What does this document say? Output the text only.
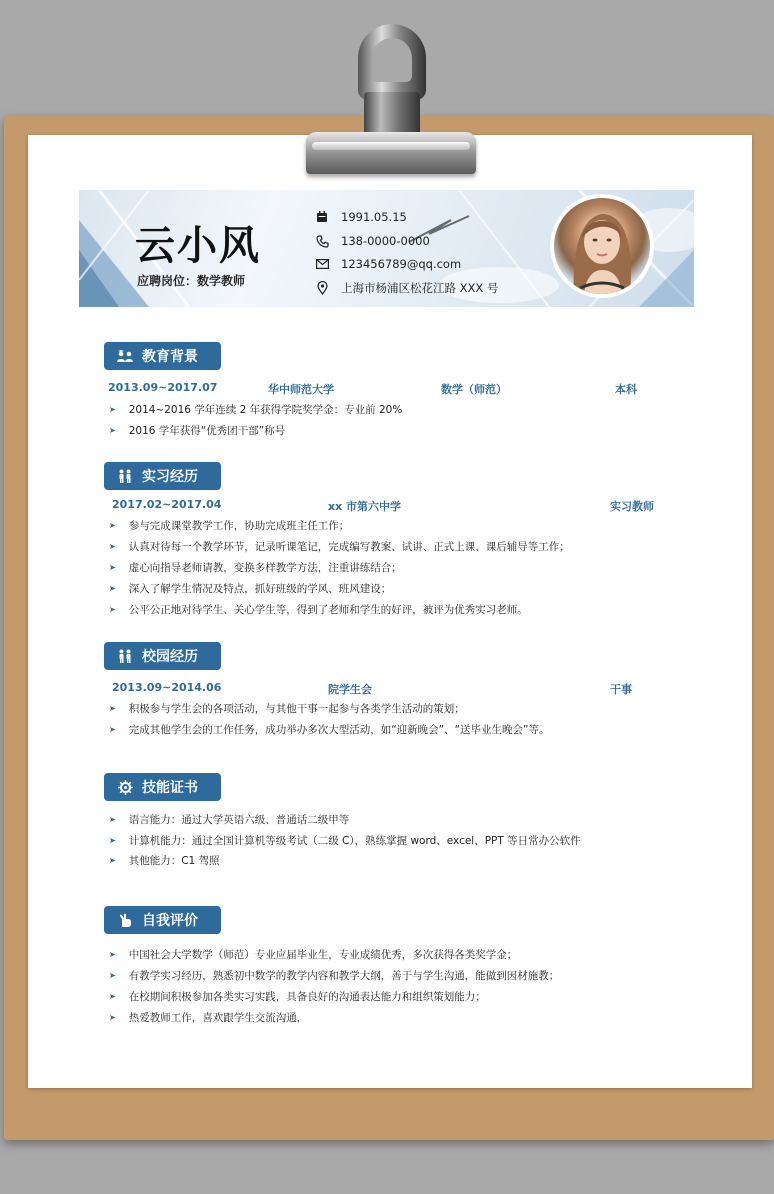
云小风
应聘岗位：数学教师
1991.05.15
138-0000-0000
123456789@qq.com
上海市杨浦区松花江路 XXX 号
教育背景
2013.09~2017.07	华中师范大学	数学（师范）	本科
➤ 2014~2016 学年连续 2 年获得学院奖学金：专业前 20%
➤ 2016 学年获得“优秀团干部”称号
实习经历
2017.02~2017.04	xx 市第六中学	实习教师
➤ 参与完成课堂教学工作，协助完成班主任工作；
➤ 认真对待每一个教学环节，记录听课笔记，完成编写教案、试讲、正式上课、课后辅导等工作；
➤ 虚心向指导老师请教，变换多样教学方法，注重讲练结合；
➤ 深入了解学生情况及特点，抓好班级的学风、班风建设；
➤ 公平公正地对待学生、关心学生等，得到了老师和学生的好评，被评为优秀实习老师。
校园经历
2013.09~2014.06	院学生会	干事
➤ 积极参与学生会的各项活动，与其他干事一起参与各类学生活动的策划；
➤ 完成其他学生会的工作任务，成功举办多次大型活动，如“迎新晚会”、“送毕业生晚会”等。
技能证书
➤ 语言能力：通过大学英语六级、普通话二级甲等
➤ 计算机能力：通过全国计算机等级考试（二级 C），熟练掌握 word、excel、PPT 等日常办公软件
➤ 其他能力：C1 驾照
自我评价
➤ 中国社会大学数学（师范）专业应届毕业生，专业成绩优秀，多次获得各类奖学金；
➤ 有教学实习经历，熟悉初中数学的教学内容和教学大纲，善于与学生沟通，能做到因材施教；
➤ 在校期间积极参加各类实习实践，具备良好的沟通表达能力和组织策划能力；
➤ 热爱教师工作，喜欢跟学生交流沟通，
